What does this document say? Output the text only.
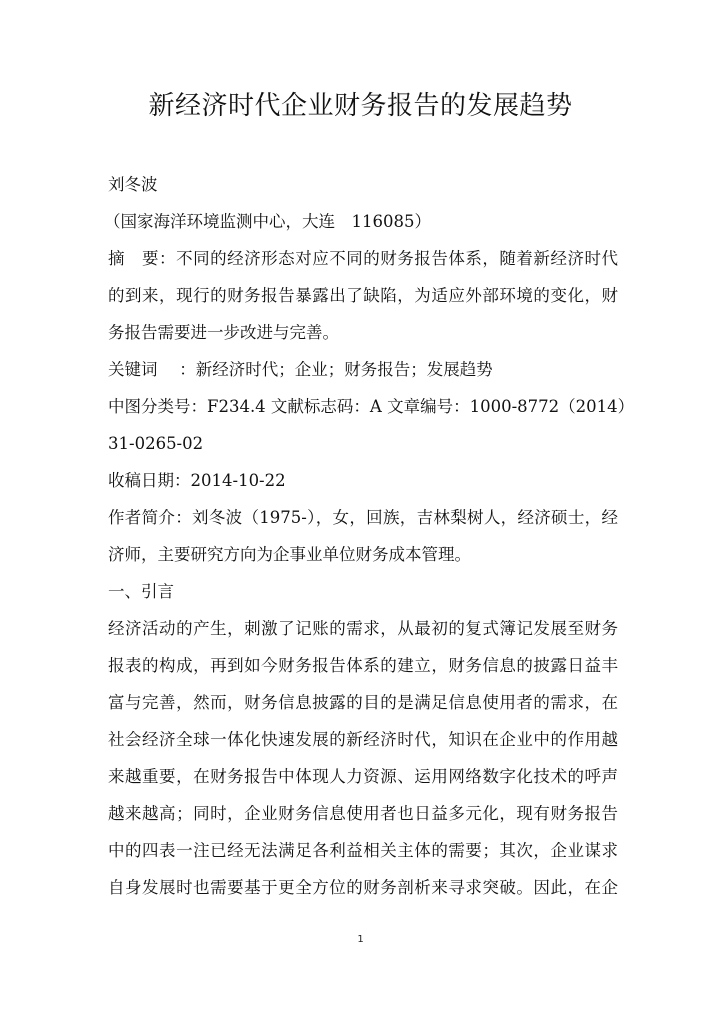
新经济时代企业财务报告的发展趋势
刘冬波
（国家海洋环境监测中心，大连　116085）
摘　要：不同的经济形态对应不同的财务报告体系，随着新经济时代
的到来，现行的财务报告暴露出了缺陷，为适应外部环境的变化，财
务报告需要进一步改进与完善。
关键词　 ：新经济时代；企业；财务报告；发展趋势
中图分类号：F234.4 文献标志码：A 文章编号：1000-8772（2014）
31-0265-02
收稿日期：2014-10-22
作者简介：刘冬波（1975-），女，回族，吉林梨树人，经济硕士，经
济师，主要研究方向为企事业单位财务成本管理。
一、引言
经济活动的产生，刺激了记账的需求，从最初的复式簿记发展至财务
报表的构成，再到如今财务报告体系的建立，财务信息的披露日益丰
富与完善，然而，财务信息披露的目的是满足信息使用者的需求，在
社会经济全球一体化快速发展的新经济时代，知识在企业中的作用越
来越重要，在财务报告中体现人力资源、运用网络数字化技术的呼声
越来越高；同时，企业财务信息使用者也日益多元化，现有财务报告
中的四表一注已经无法满足各利益相关主体的需要；其次，企业谋求
自身发展时也需要基于更全方位的财务剖析来寻求突破。因此，在企
1
